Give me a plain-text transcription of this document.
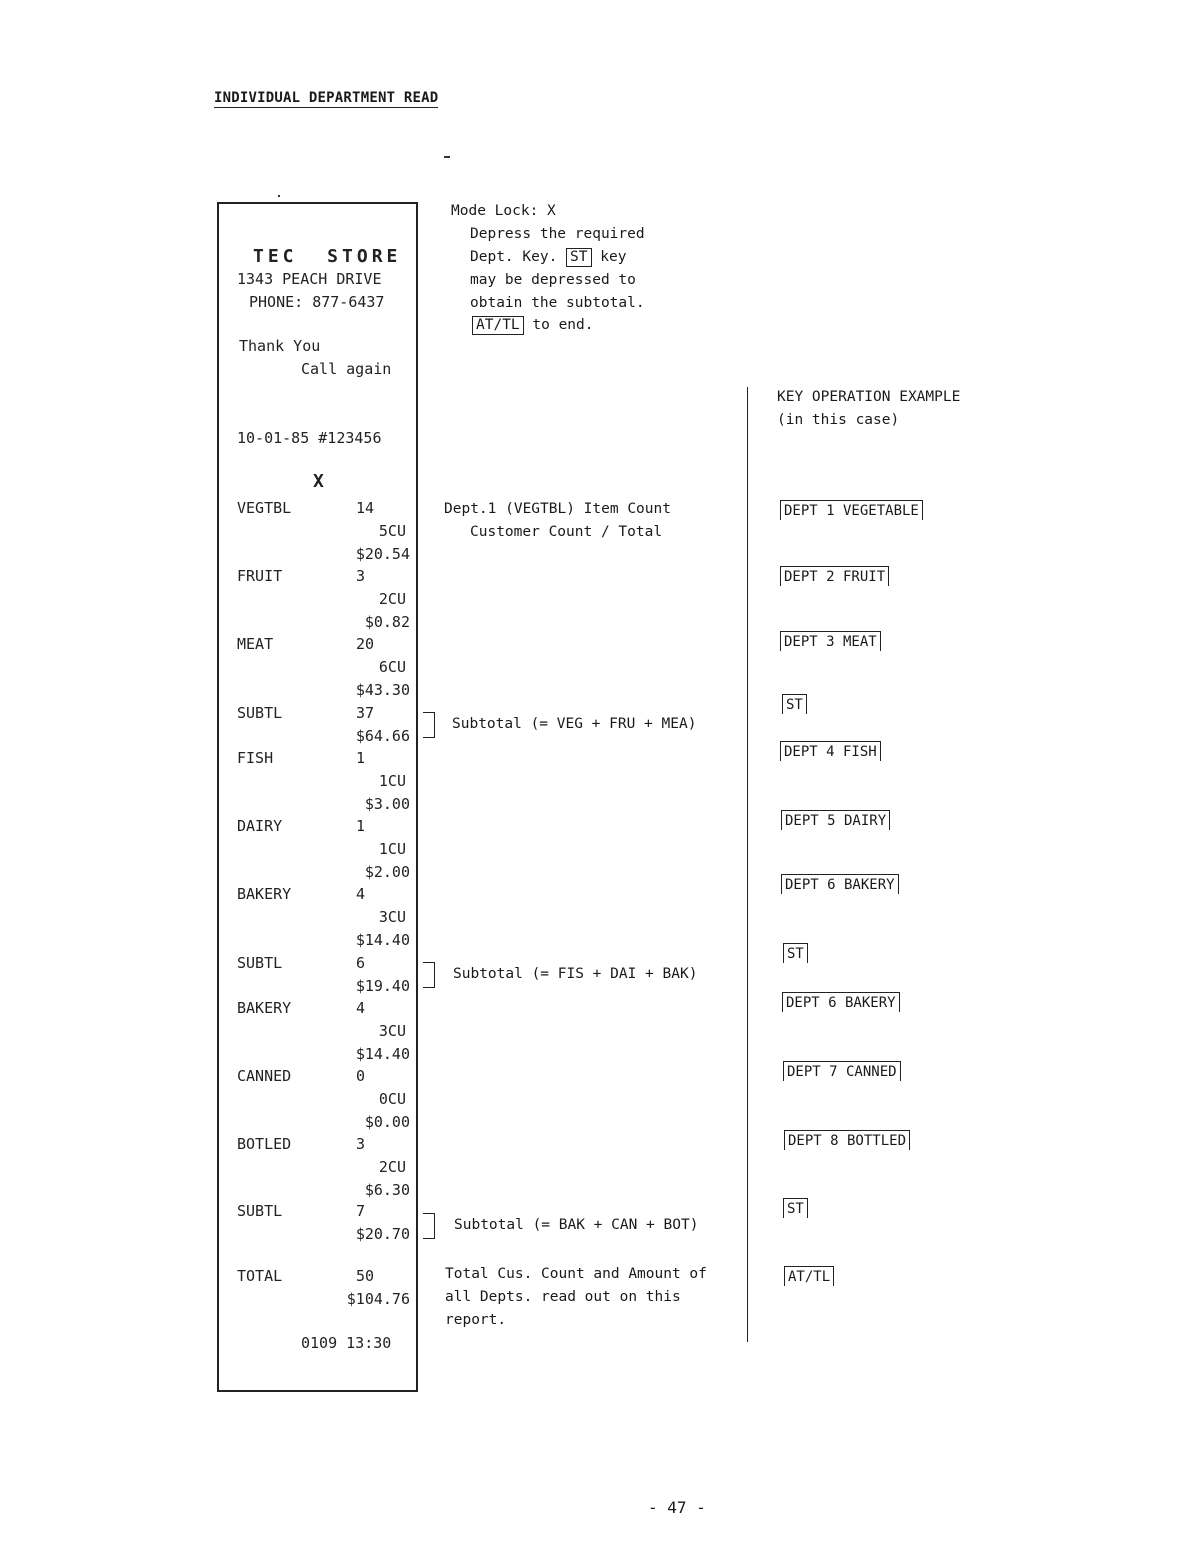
INDIVIDUAL DEPARTMENT READ
TEC  STORE
1343 PEACH DRIVE
PHONE: 877-6437
Thank You
Call again
10-01-85 #123456
X
VEGTBL	14
5CU
$20.54
FRUIT	3
2CU
$0.82
MEAT	20
6CU
$43.30
SUBTL	37
$64.66
FISH	1
1CU
$3.00
DAIRY	1
1CU
$2.00
BAKERY	4
3CU
$14.40
SUBTL	6
$19.40
BAKERY	4
3CU
$14.40
CANNED	0
0CU
$0.00
BOTLED	3
2CU
$6.30
SUBTL	7
$20.70
TOTAL	50
$104.76
0109 13:30
Mode Lock: X
Depress the required
Dept. Key. ST key
may be depressed to
obtain the subtotal.
AT/TL to end.
Dept.1 (VEGTBL) Item Count
Customer Count / Total
Subtotal (= VEG + FRU + MEA)
Subtotal (= FIS + DAI + BAK)
Subtotal (= BAK + CAN + BOT)
Total Cus. Count and Amount of
all Depts. read out on this
report.
KEY OPERATION EXAMPLE
(in this case)
DEPT 1 VEGETABLE
DEPT 2 FRUIT
DEPT 3 MEAT
ST
DEPT 4 FISH
DEPT 5 DAIRY
DEPT 6 BAKERY
ST
DEPT 6 BAKERY
DEPT 7 CANNED
DEPT 8 BOTTLED
ST
AT/TL
- 47 -
